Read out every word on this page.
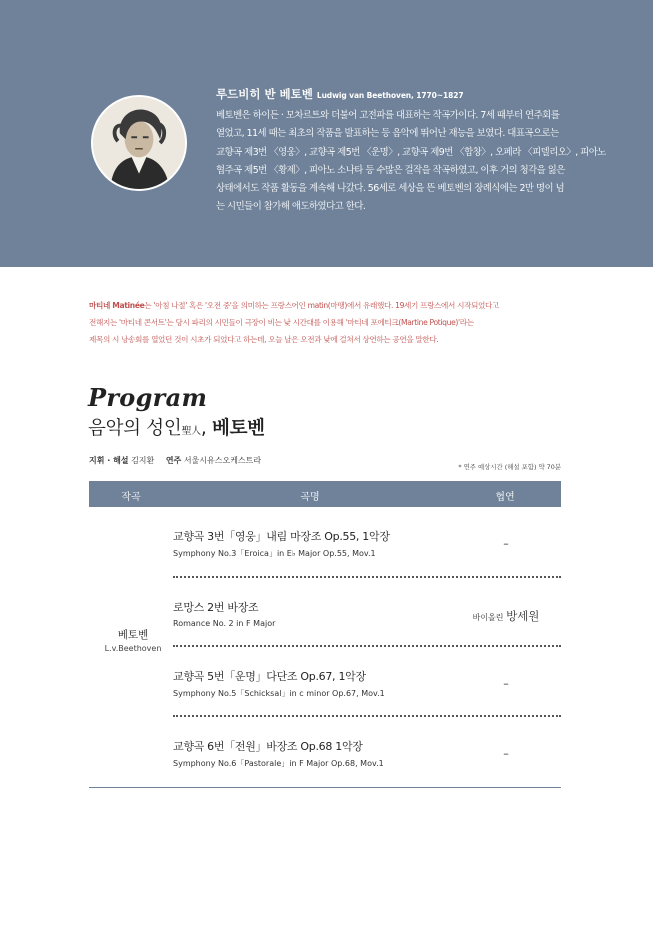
루드비히 반 베토벤 Ludwig van Beethoven, 1770~1827
베토벤은 하이든 · 모차르트와 더불어 고전파를 대표하는 작곡가이다. 7세 때부터 연주회를
열었고, 11세 때는 최초의 작품을 발표하는 등 음악에 뛰어난 재능을 보였다. 대표곡으로는
교향곡 제3번 〈영웅〉, 교향곡 제5번 〈운명〉, 교향곡 제9번 〈합창〉, 오페라 〈피델리오〉, 피아노
협주곡 제5번 〈황제〉, 피아노 소나타 등 수많은 걸작을 작곡하였고, 이후 거의 청각을 잃은
상태에서도 작품 활동을 계속해 나갔다. 56세로 세상을 뜬 베토벤의 장례식에는 2만 명이 넘
는 시민들이 참가해 애도하였다고 한다.
마티네 Matinée는 '아침 나절' 혹은 '오전 중'을 의미하는 프랑스어인 matin(마땡)에서 유래했다. 19세기 프랑스에서 시작되었다고
전해지는 '마티네 콘서트'는 당시 파리의 시민들이 극장이 비는 낮 시간대를 이용해 '마티네 포에티크(Martine Potique)'라는
제목의 시 낭송회를 열었던 것이 시초가 되었다고 하는데, 오늘 날은 오전과 낮에 걸쳐서 상연하는 공연을 말한다.
Program
음악의 성인聖人, 베토벤
지휘 · 해설 김지환 연주 서울시유스오케스트라
* 연주 예상시간 (해설 포함) 약 70분
작곡	곡명	협연
베토벤
L.v.Beethoven
교향곡 3번「영웅」내림 마장조 Op.55, 1악장
Symphony No.3「Eroica」in E♭ Major Op.55, Mov.1
–
로망스 2번 바장조
Romance No. 2 in F Major
바이올린 방세원
교향곡 5번「운명」다단조 Op.67, 1악장
Symphony No.5「Schicksal」in c minor Op.67, Mov.1
–
교향곡 6번「전원」바장조 Op.68 1악장
Symphony No.6「Pastorale」in F Major Op.68, Mov.1
–
